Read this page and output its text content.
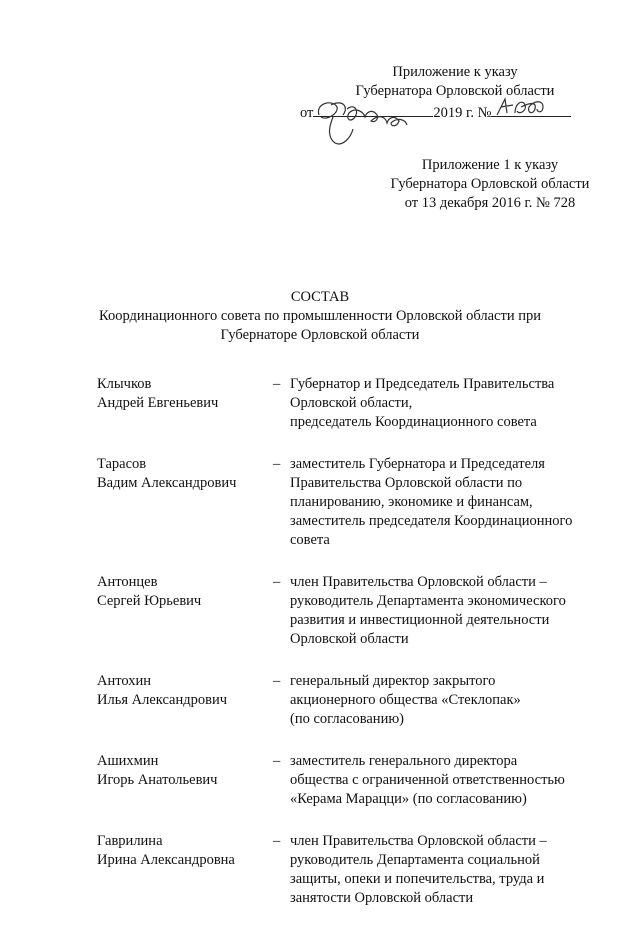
Приложение к указу
Губернатора Орловской области
от	2019 г. №
Приложение 1 к указу
Губернатора Орловской области
от 13 декабря 2016 г. № 728
СОСТАВ
Координационного совета по промышленности Орловской области при
Губернаторе Орловской области
Клычков
Андрей Евгеньевич
– Губернатор и Председатель Правительства
Орловской области,
председатель Координационного совета
Тарасов
Вадим Александрович
– заместитель Губернатора и Председателя
Правительства Орловской области по
планированию, экономике и финансам,
заместитель председателя Координационного
совета
Антонцев
Сергей Юрьевич
– член Правительства Орловской области –
руководитель Департамента экономического
развития и инвестиционной деятельности
Орловской области
Антохин
Илья Александрович
– генеральный директор закрытого
акционерного общества «Стеклопак»
(по согласованию)
Ашихмин
Игорь Анатольевич
– заместитель генерального директора
общества с ограниченной ответственностью
«Керама Марацци» (по согласованию)
Гаврилина
Ирина Александровна
– член Правительства Орловской области –
руководитель Департамента социальной
защиты, опеки и попечительства, труда и
занятости Орловской области
